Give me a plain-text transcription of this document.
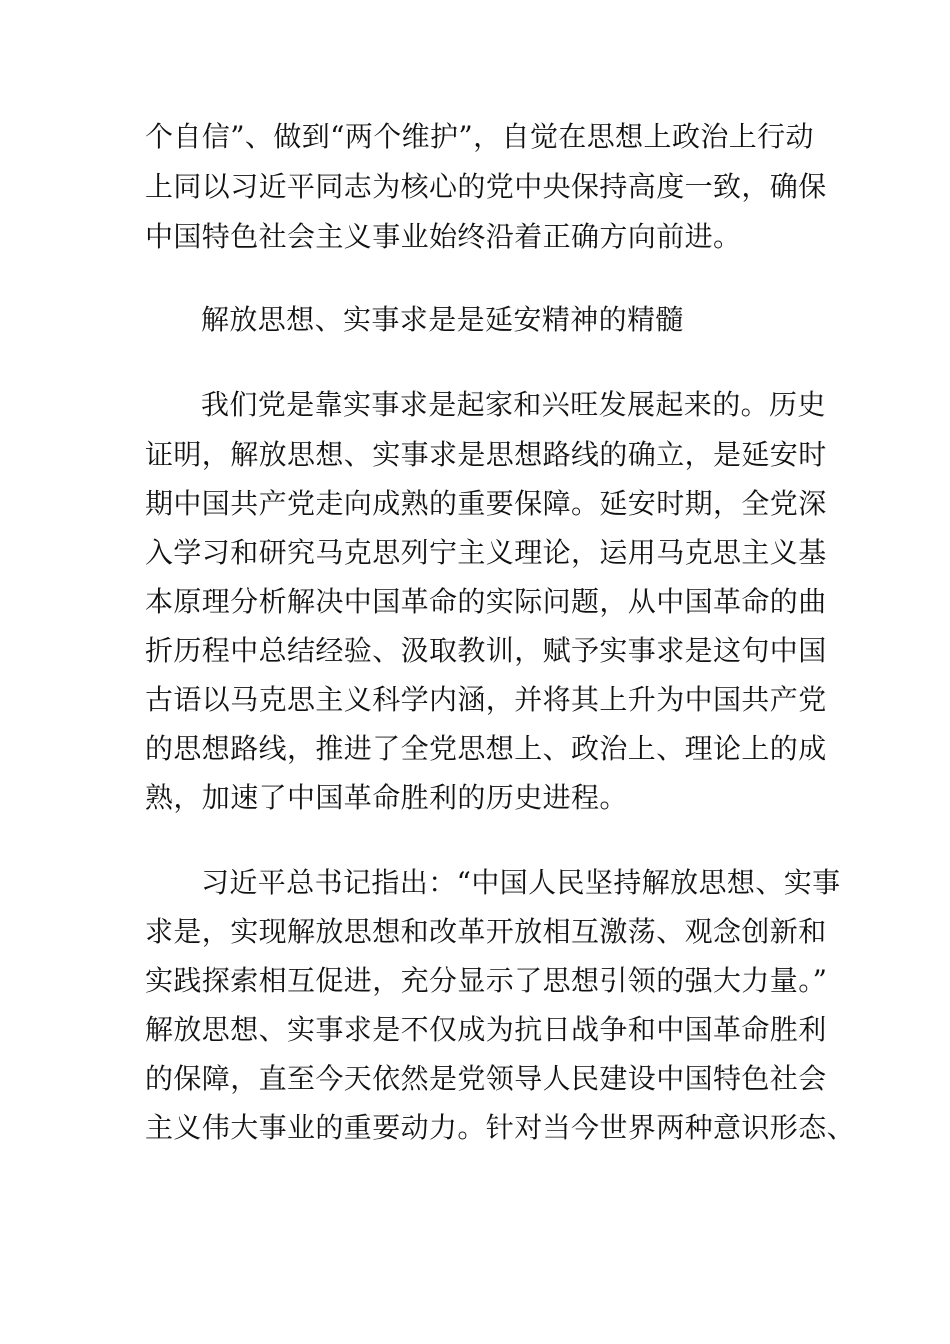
个自信”、做到“两个维护”，自觉在思想上政治上行动
上同以习近平同志为核心的党中央保持高度一致，确保
中国特色社会主义事业始终沿着正确方向前进。
解放思想、实事求是是延安精神的精髓
我们党是靠实事求是起家和兴旺发展起来的。历史
证明，解放思想、实事求是思想路线的确立，是延安时
期中国共产党走向成熟的重要保障。延安时期，全党深
入学习和研究马克思列宁主义理论，运用马克思主义基
本原理分析解决中国革命的实际问题，从中国革命的曲
折历程中总结经验、汲取教训，赋予实事求是这句中国
古语以马克思主义科学内涵，并将其上升为中国共产党
的思想路线，推进了全党思想上、政治上、理论上的成
熟，加速了中国革命胜利的历史进程。
习近平总书记指出：“中国人民坚持解放思想、实事
求是，实现解放思想和改革开放相互激荡、观念创新和
实践探索相互促进，充分显示了思想引领的强大力量。”
解放思想、实事求是不仅成为抗日战争和中国革命胜利
的保障，直至今天依然是党领导人民建设中国特色社会
主义伟大事业的重要动力。针对当今世界两种意识形态、
